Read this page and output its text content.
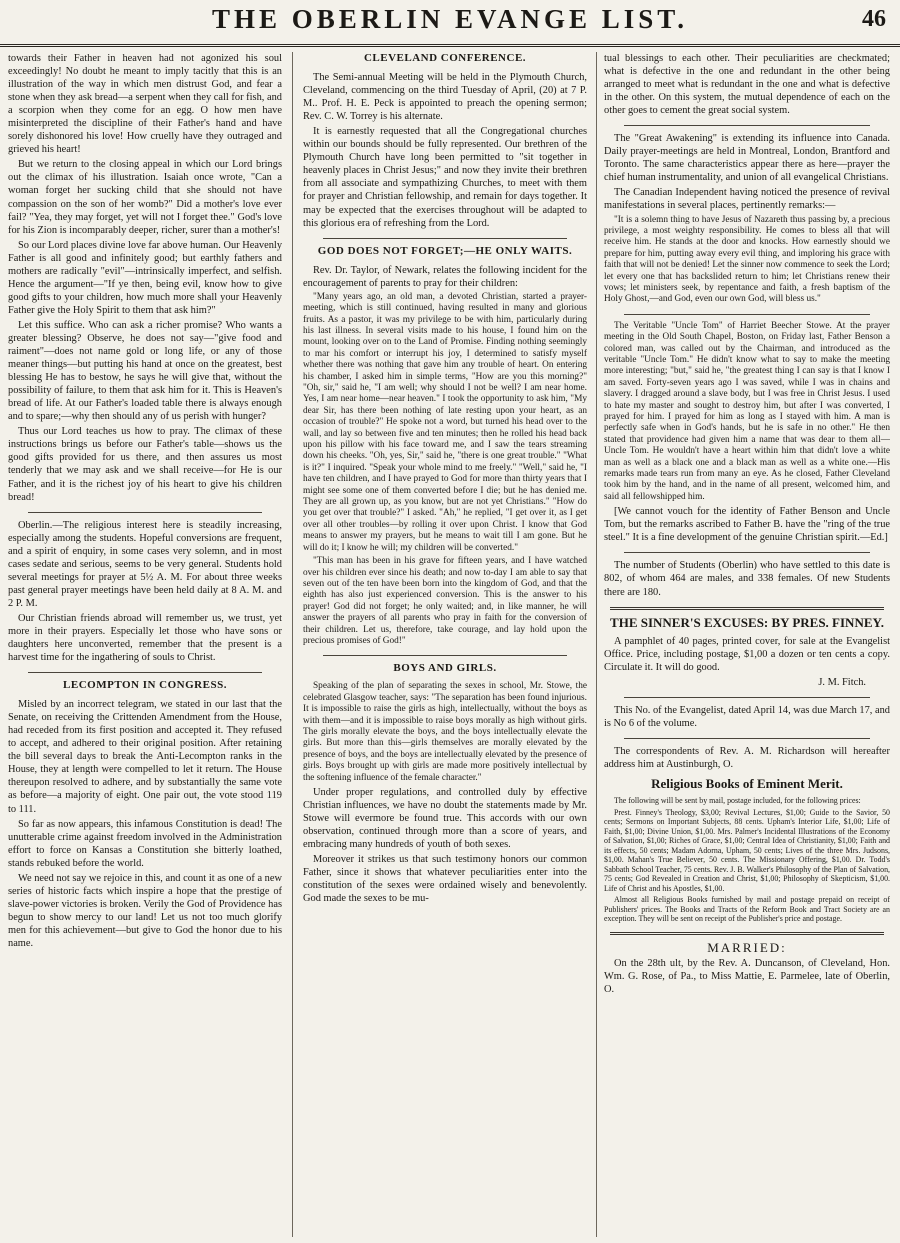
THE OBERLIN EVANGE LIST.	46

towards their Father in heaven had not agonized his soul exceedingly! No doubt he meant to imply tacitly that this is an illustration of the way in which men distrust God, and fear a stone when they ask bread—a serpent when they call for fish, and a scorpion when they come for an egg. O how men have misinterpreted the discipline of their Father's hand and have sorely dishonored his love! How cruelly have they outraged and grieved his heart!

But we return to the closing appeal in which our Lord brings out the climax of his illustration. Isaiah once wrote, "Can a woman forget her sucking child that she should not have compassion on the son of her womb?" Did a mother's love ever fail? "Yea, they may forget, yet will not I forget thee." God's love for his Zion is incomparably deeper, richer, surer than a mother's!

So our Lord places divine love far above human. Our Heavenly Father is all good and infinitely good; but earthly fathers and mothers are radically "evil"—intrinsically imperfect, and selfish. Hence the argument—"If ye then, being evil, know how to give good gifts to your children, how much more shall your Heavenly Father give the Holy Spirit to them that ask him?"

Let this suffice. Who can ask a richer promise? Who wants a greater blessing? Observe, he does not say—"give food and raiment"—does not name gold or long life, or any of those meaner things—but putting his hand at once on the greatest, best blessing He has to bestow, he says he will give that, without the possibility of failure, to them that ask him for it. This is Heaven's bread of life. At our Father's loaded table there is always enough and to spare;—why then should any of us perish with hunger?

Thus our Lord teaches us how to pray. The climax of these instructions brings us before our Father's table—shows us the good gifts provided for us there, and then assures us most tenderly that we may ask and we shall receive—for He is our Father, and it is the richest joy of his heart to give his children bread!

Oberlin.—The religious interest here is steadily increasing, especially among the students. Hopeful conversions are frequent, and a spirit of enquiry, in some cases very solemn, and in most cases sedate and serious, seems to be very general. Students hold several meetings for prayer at 5½ A. M. For about three weeks past general prayer meetings have been held daily at 8 A. M. and 2 P. M.

Our Christian friends abroad will remember us, we trust, yet more in their prayers. Especially let those who have sons or daughters here unconverted, remember that the present is a harvest time for the ingathering of souls to Christ.

LECOMPTON IN CONGRESS.

Misled by an incorrect telegram, we stated in our last that the Senate, on receiving the Crittenden Amendment from the House, had receded from its first position and accepted it. They refused to accept, and adhered to their original position. After retaining the bill several days to break the Anti-Lecompton ranks in the House, they at length were compelled to let it return. The House thereupon resolved to adhere, and by substantially the same vote as before—a majority of eight. One pair out, the vote stood 119 to 111.

So far as now appears, this infamous Constitution is dead! The unutterable crime against freedom involved in the Administration effort to force on Kansas a Constitution she bitterly loathed, stands rebuked before the world.

We need not say we rejoice in this, and count it as one of a new series of historic facts which inspire a hope that the prestige of slave-power victories is broken. Verily the God of Providence has begun to show mercy to our land! Let us not too much glorify men for this achievement—but give to God the honor due to his name.

CLEVELAND CONFERENCE.

The Semi-annual Meeting will be held in the Plymouth Church, Cleveland, commencing on the third Tuesday of April, (20) at 7 P. M.. Prof. H. E. Peck is appointed to preach the opening sermon; Rev. C. W. Torrey is his alternate.

It is earnestly requested that all the Congregational churches within our bounds should be fully represented. Our brethren of the Plymouth Church have long been permitted to "sit together in heavenly places in Christ Jesus;" and now they invite their brethren from all associate and sympathizing Churches, to meet with them for prayer and Christian fellowship, and remain for days together. It may be expected that the exercises throughout will be adapted to this glorious era of refreshing from the Lord.

GOD DOES NOT FORGET;—HE ONLY WAITS.

Rev. Dr. Taylor, of Newark, relates the following incident for the encouragement of parents to pray for their children:

"Many years ago, an old man, a devoted Christian, started a prayer-meeting, which is still continued, having resulted in many and glorious fruits. As a pastor, it was my privilege to be with him, particularly during his last illness. In several visits made to his house, I found him on the mount, looking over on to the Land of Promise. Finding nothing seemingly to mar his comfort or interrupt his joy, I determined to satisfy myself whether there was nothing that gave him any trouble of heart. On entering his chamber, I asked him in simple terms, "How are you this morning?" "Oh, sir," said he, "I am well; why should I not be well? I am near home. Yes, I am near home—near heaven." I took the opportunity to ask him, "My dear Sir, has there been nothing of late resting upon your heart, as an occasion of trouble?" He spoke not a word, but turned his head over to the wall, and lay so between five and ten minutes; then he rolled his head back upon his pillow with his face toward me, and I saw the tears streaming down his cheeks. "Oh, yes, Sir," said he, "there is one great trouble." "What is it?" I inquired. "Speak your whole mind to me freely." "Well," said he, "I have ten children, and I have prayed to God for more than thirty years that I might see some one of them converted before I die; but he has denied me. They are all grown up, as you know, but are not yet Christians." "How do you get over that trouble?" I asked. "Ah," he replied, "I get over it, as I get over all other troubles—by rolling it over upon Christ. I know that God means to answer my prayers, but he means to wait till I am gone. But he will do it; I know he will; my children will be converted."

"This man has been in his grave for fifteen years, and I have watched over his children ever since his death; and now to-day I am able to say that seven out of the ten have been born into the kingdom of God, and that the eighth has also just experienced conversion. This is the answer to his prayer! God did not forget; he only waited; and, in like manner, he will answer the prayers of all parents who pray in faith for the conversion of their children. Let us, therefore, take courage, and lay hold upon the precious promises of God!"

BOYS AND GIRLS.

Speaking of the plan of separating the sexes in school, Mr. Stowe, the celebrated Glasgow teacher, says: "The separation has been found injurious. It is impossible to raise the girls as high, intellectually, without the boys as with them—and it is impossible to raise boys morally as high without girls. The girls morally elevate the boys, and the boys intellectually elevate the girls. But more than this—girls themselves are morally elevated by the presence of boys, and the boys are intellectually elevated by the presence of girls. Boys brought up with girls are made more positively intellectual by the softening influence of the female character."

Under proper regulations, and controlled duly by effective Christian influences, we have no doubt the statements made by Mr. Stowe will evermore be found true. This accords with our own observation, continued through more than a score of years, and embracing many hundreds of youth of both sexes.

Moreover it strikes us that such testimony honors our common Father, since it shows that whatever peculiarities enter into the constitution of the sexes were ordained wisely and benevolently. God made the sexes to be mu-

tual blessings to each other. Their peculiarities are checkmated; what is defective in the one and redundant in the other being arranged to meet what is redundant in the one and what is defective in the other. On this system, the mutual dependence of each on the other goes to cement the great social system.

The "Great Awakening" is extending its influence into Canada. Daily prayer-meetings are held in Montreal, London, Brantford and Toronto. The same characteristics appear there as here—prayer the chief human instrumentality, and union of all evangelical Christians.

The Canadian Independent having noticed the presence of revival manifestations in several places, pertinently remarks:—

"It is a solemn thing to have Jesus of Nazareth thus passing by, a precious privilege, a most weighty responsibility. He comes to bless all that will receive him. He stands at the door and knocks. How earnestly should we prepare for him, putting away every evil thing, and imploring his grace with faith that will not be denied! Let the sinner now commence to seek the Lord; let every one that has backslided return to him; let Christians renew their vows; let ministers seek, by repentance and faith, a fresh baptism of the Holy Ghost,—and God, even our own God, will bless us."

The Veritable "Uncle Tom" of Harriet Beecher Stowe. At the prayer meeting in the Old South Chapel, Boston, on Friday last, Father Benson a colored man, was called out by the Chairman, and introduced as the veritable "Uncle Tom." He didn't know what to say to make the meeting more interesting; "but," said he, "the greatest thing I can say is that I know I am saved. Forty-seven years ago I was saved, while I was in chains and slavery. I dragged around a slave body, but I was free in Christ Jesus. I used to hate my master and sought to destroy him, but after I was converted, I prayed for him. I prayed for him as long as I stayed with him. A man is perfectly safe when in God's hands, but he is safe in no other." He then stated that providence had given him a name that was dear to them all—Uncle Tom. He wouldn't have a heart within him that didn't love a white man as well as a black one and a black man as well as a white one.—His remarks made tears run from many an eye. As he closed, Father Cleveland took him by the hand, and in the name of all present, welcomed him, and said all fellowshipped him.

[We cannot vouch for the identity of Father Benson and Uncle Tom, but the remarks ascribed to Father B. have the "ring of the true steel." It is a fine development of the genuine Christian spirit.—Ed.]

The number of Students (Oberlin) who have settled to this date is 802, of whom 464 are males, and 338 females. Of new Students there are 180.

THE SINNER'S EXCUSES: BY PRES. FINNEY.

A pamphlet of 40 pages, printed cover, for sale at the Evangelist Office. Price, including postage, $1,00 a dozen or ten cents a copy. Circulate it. It will do good.

J. M. Fitch.

This No. of the Evangelist, dated April 14, was due March 17, and is No 6 of the volume.

The correspondents of Rev. A. M. Richardson will hereafter address him at Austinburgh, O.

Religious Books of Eminent Merit.

The following will be sent by mail, postage included, for the following prices:

Prest. Finney's Theology, $3,00; Revival Lectures, $1,00; Guide to the Savior, 50 cents; Sermons on Important Subjects, 88 cents. Upham's Interior Life, $1,00; Life of Faith, $1,00; Divine Union, $1,00. Mrs. Palmer's Incidental Illustrations of the Economy of Salvation, $1,00; Riches of Grace, $1,00; Central Idea of Christianity, $1,00; Faith and its effects, 50 cents; Madam Adorna, Upham, 50 cents; Lives of the three Mrs. Judsons, $1,00. Mahan's True Believer, 50 cents. The Missionary Offering, $1,00. Dr. Todd's Sabbath School Teacher, 75 cents. Rev. J. B. Walker's Philosophy of the Plan of Salvation, 75 cents; God Revealed in Creation and Christ, $1,00; Philosophy of Skepticism, $1,00. Life of Christ and his Apostles, $1,00.

Almost all Religious Books furnished by mail and postage prepaid on receipt of Publishers' prices. The Books and Tracts of the Reform Book and Tract Society are an exception. They will be sent on receipt of the Publisher's price and postage.

MARRIED:

On the 28th ult, by the Rev. A. Duncanson, of Cleveland, Hon. Wm. G. Rose, of Pa., to Miss Mattie, E. Parmelee, late of Oberlin, O.
